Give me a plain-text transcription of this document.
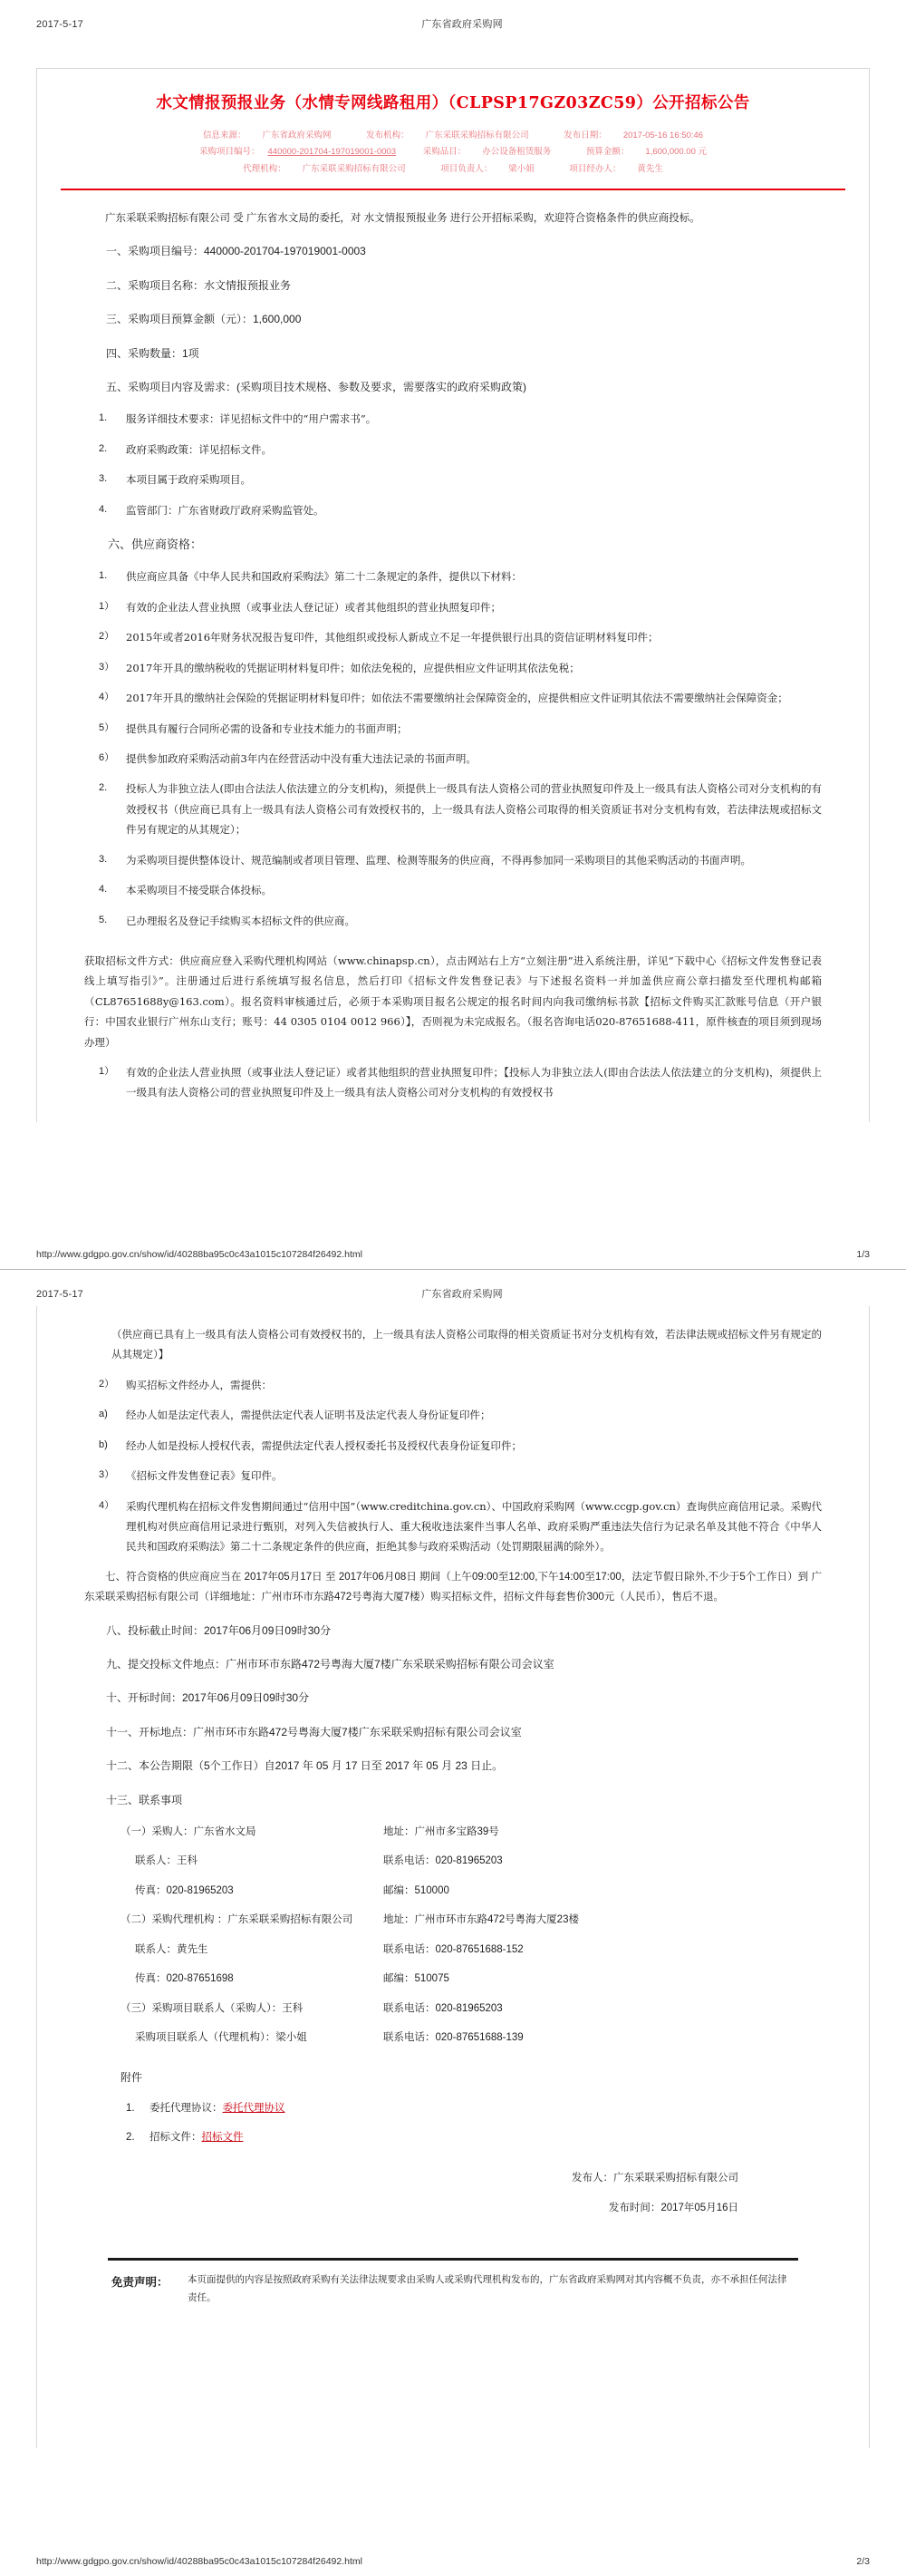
2017-5-17	广东省政府采购网
水文情报预报业务（水情专网线路租用）（CLPSP17GZ03ZC59）公开招标公告
信息来源： 广东省政府采购网	发布机构： 广东采联采购招标有限公司	发布日期： 2017-05-16 16:50:46
采购项目编号： 440000-201704-197019001-0003	采购品目： 办公设备租赁服务	预算金额： 1,600,000.00 元
代理机构： 广东采联采购招标有限公司	项目负责人： 梁小姐	项目经办人： 黄先生

广东采联采购招标有限公司 受 广东省水文局的委托，对 水文情报预报业务 进行公开招标采购，欢迎符合资格条件的供应商投标。

一、采购项目编号：440000-201704-197019001-0003
二、采购项目名称：水文情报预报业务
三、采购项目预算金额（元）：1,600,000
四、采购数量：1项
五、采购项目内容及需求：(采购项目技术规格、参数及要求，需要落实的政府采购政策)
1.	服务详细技术要求：详见招标文件中的“用户需求书”。
2.	政府采购政策：详见招标文件。
3.	本项目属于政府采购项目。
4.	监管部门：广东省财政厅政府采购监管处。
六、供应商资格：
1.	供应商应具备《中华人民共和国政府采购法》第二十二条规定的条件，提供以下材料：
1）	有效的企业法人营业执照（或事业法人登记证）或者其他组织的营业执照复印件；
2）	2015年或者2016年财务状况报告复印件，其他组织或投标人新成立不足一年提供银行出具的资信证明材料复印件；
3）	2017年开具的缴纳税收的凭据证明材料复印件；如依法免税的，应提供相应文件证明其依法免税；
4）	2017年开具的缴纳社会保险的凭据证明材料复印件；如依法不需要缴纳社会保障资金的，应提供相应文件证明其依法不需要缴纳社会保障资金；
5）	提供具有履行合同所必需的设备和专业技术能力的书面声明；
6）	提供参加政府采购活动前3年内在经营活动中没有重大违法记录的书面声明。
2.	投标人为非独立法人(即由合法法人依法建立的分支机构)，须提供上一级具有法人资格公司的营业执照复印件及上一级具有法人资格公司对分支机构的有效授权书（供应商已具有上一级具有法人资格公司有效授权书的，上一级具有法人资格公司取得的相关资质证书对分支机构有效，若法律法规或招标文件另有规定的从其规定）；
3.	为采购项目提供整体设计、规范编制或者项目管理、监理、检测等服务的供应商，不得再参加同一采购项目的其他采购活动的书面声明。
4.	本采购项目不接受联合体投标。
5.	已办理报名及登记手续购买本招标文件的供应商。

获取招标文件方式：供应商应登入采购代理机构网站（www.chinapsp.cn），点击网站右上方“立刻注册”进入系统注册，详见“下载中心《招标文件发售登记表线上填写指引》”。注册通过后进行系统填写报名信息，然后打印《招标文件发售登记表》与下述报名资料一并加盖供应商公章扫描发至代理机构邮箱（CL87651688y@163.com）。报名资料审核通过后，必须于本采购项目报名公规定的报名时间内向我司缴纳标书款【招标文件购买汇款账号信息（开户银行：中国农业银行广州东山支行；账号：44 0305 0104 0012 966）】，否则视为未完成报名。（报名咨询电话020-87651688-411，原件核查的项目须到现场办理）

1）	有效的企业法人营业执照（或事业法人登记证）或者其他组织的营业执照复印件；【投标人为非独立法人(即由合法法人依法建立的分支机构)，须提供上一级具有法人资格公司的营业执照复印件及上一级具有法人资格公司对分支机构的有效授权书
http://www.gdgpo.gov.cn/show/id/40288ba95c0c43a1015c107284f26492.html	1/3
2017-5-17	广东省政府采购网

（供应商已具有上一级具有法人资格公司有效授权书的，上一级具有法人资格公司取得的相关资质证书对分支机构有效，若法律法规或招标文件另有规定的从其规定）】

2）	购买招标文件经办人，需提供：
a)	经办人如是法定代表人，需提供法定代表人证明书及法定代表人身份证复印件；
b)	经办人如是投标人授权代表，需提供法定代表人授权委托书及授权代表身份证复印件；
3）	《招标文件发售登记表》复印件。
4）	采购代理机构在招标文件发售期间通过“信用中国”（www.creditchina.gov.cn）、中国政府采购网（www.ccgp.gov.cn）查询供应商信用记录。采购代理机构对供应商信用记录进行甄别，对列入失信被执行人、重大税收违法案件当事人名单、政府采购严重违法失信行为记录名单及其他不符合《中华人民共和国政府采购法》第二十二条规定条件的供应商，拒绝其参与政府采购活动（处罚期限届满的除外）。

七、符合资格的供应商应当在 2017年05月17日 至 2017年06月08日 期间（上午09:00至12:00,下午14:00至17:00，法定节假日除外,不少于5个工作日）到 广东采联采购招标有限公司（详细地址：广州市环市东路472号粤海大厦7楼）购买招标文件，招标文件每套售价300元（人民币），售后不退。

八、投标截止时间：2017年06月09日09时30分
九、提交投标文件地点：广州市环市东路472号粤海大厦7楼广东采联采购招标有限公司会议室
十、开标时间：2017年06月09日09时30分
十一、开标地点：广州市环市东路472号粤海大厦7楼广东采联采购招标有限公司会议室
十二、本公告期限（5个工作日）自2017 年 05 月 17 日至 2017 年 05 月 23 日止。
十三、联系事项
（一）采购人：广东省水文局	地址：广州市多宝路39号
联系人：王科	联系电话：020-81965203
传真：020-81965203	邮编：510000
（二）采购代理机构 ：广东采联采购招标有限公司	地址：广州市环市东路472号粤海大厦23楼
联系人：黄先生	联系电话：020-87651688-152
传真：020-87651698	邮编：510075
（三）采购项目联系人（采购人）：王科	联系电话：020-81965203
采购项目联系人（代理机构）：梁小姐	联系电话：020-87651688-139
附件
1.	委托代理协议：委托代理协议
2.	招标文件：招标文件
发布人：广东采联采购招标有限公司
发布时间：2017年05月16日
免责声明：	本页面提供的内容是按照政府采购有关法律法规要求由采购人或采购代理机构发布的，广东省政府采购网对其内容概不负责，亦不承担任何法律责任。
http://www.gdgpo.gov.cn/show/id/40288ba95c0c43a1015c107284f26492.html	2/3
